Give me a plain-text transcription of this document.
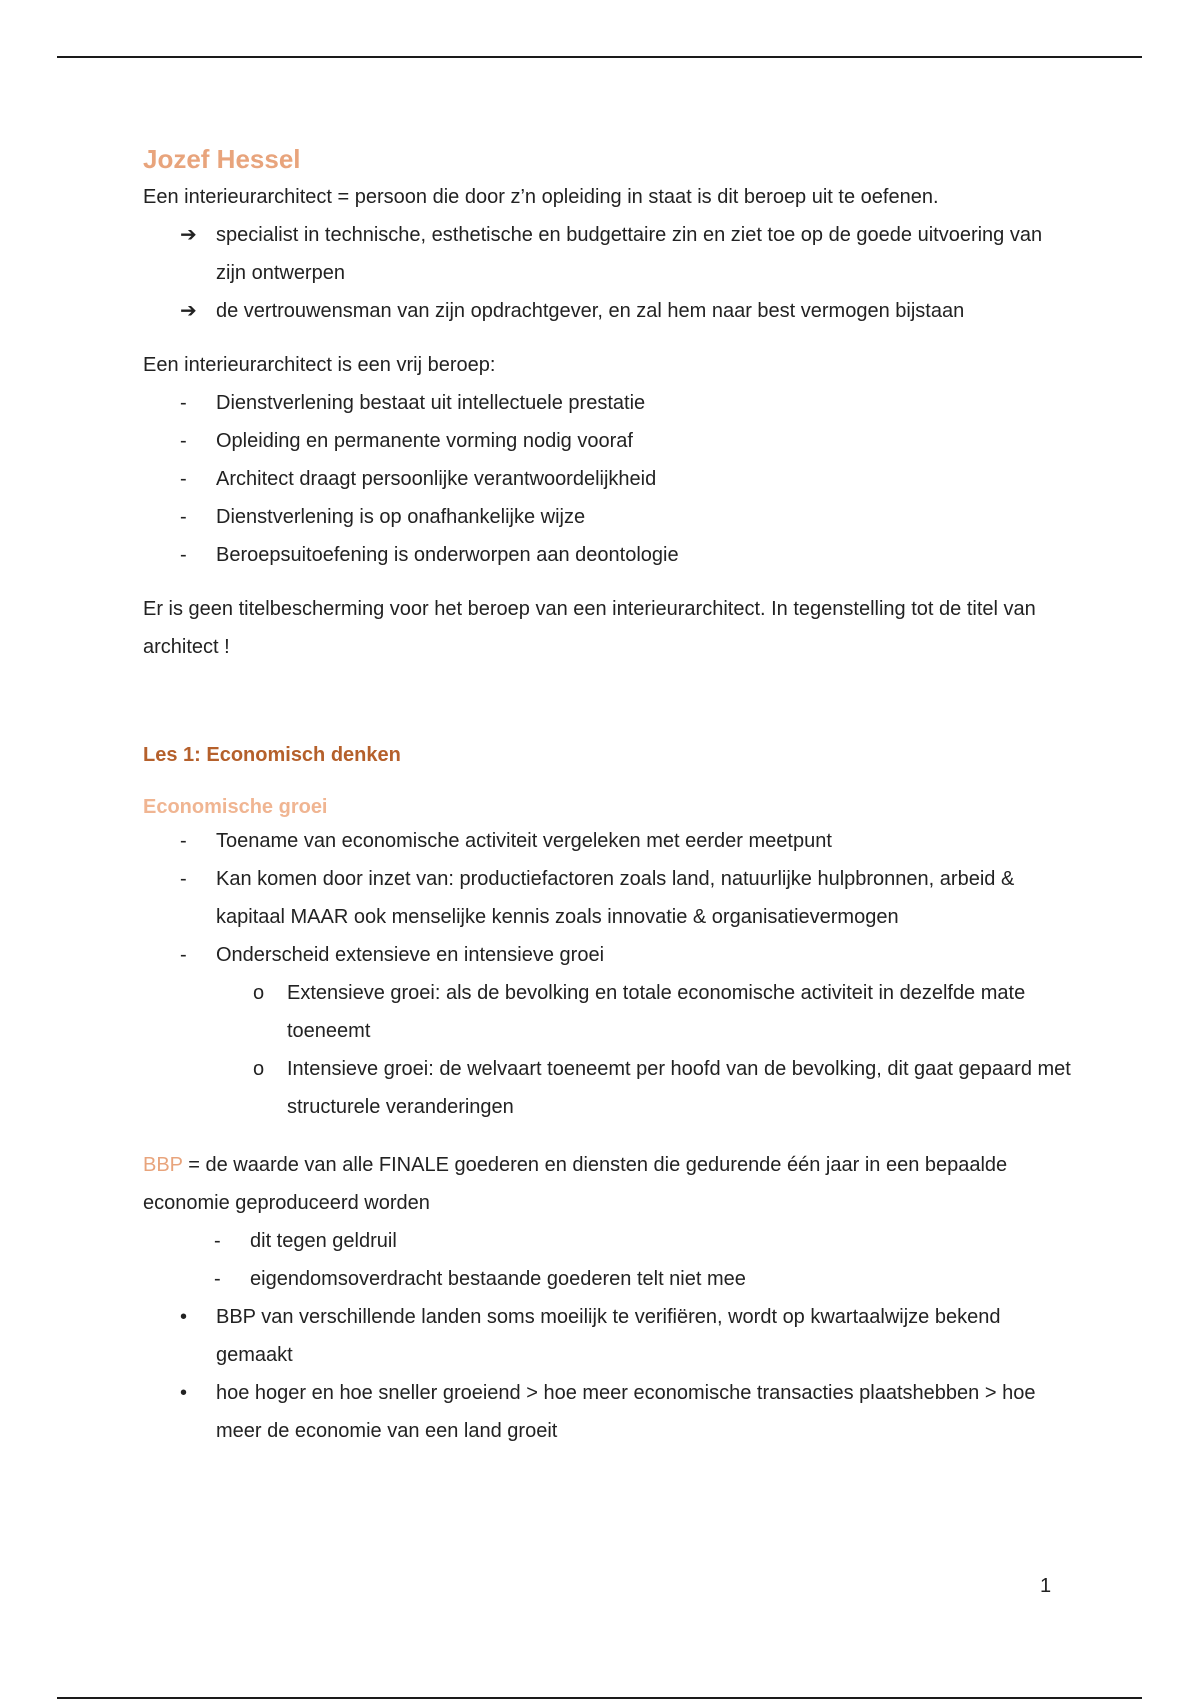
Jozef Hessel

Een interieurarchitect = persoon die door z’n opleiding in staat is dit beroep uit te oefenen.

➔ specialist in technische, esthetische en budgettaire zin en ziet toe op de goede uitvoering van zijn ontwerpen
➔ de vertrouwensman van zijn opdrachtgever, en zal hem naar best vermogen bijstaan

Een interieurarchitect is een vrij beroep:

- Dienstverlening bestaat uit intellectuele prestatie
- Opleiding en permanente vorming nodig vooraf
- Architect draagt persoonlijke verantwoordelijkheid
- Dienstverlening is op onafhankelijke wijze
- Beroepsuitoefening is onderworpen aan deontologie

Er is geen titelbescherming voor het beroep van een interieurarchitect. In tegenstelling tot de titel van architect !

Les 1: Economisch denken
Economische groei
- Toename van economische activiteit vergeleken met eerder meetpunt
- Kan komen door inzet van: productiefactoren zoals land, natuurlijke hulpbronnen, arbeid & kapitaal MAAR ook menselijke kennis zoals innovatie & organisatievermogen
- Onderscheid extensieve en intensieve groei
o Extensieve groei: als de bevolking en totale economische activiteit in dezelfde mate toeneemt
o Intensieve groei: de welvaart toeneemt per hoofd van de bevolking, dit gaat gepaard met structurele veranderingen

BBP = de waarde van alle FINALE goederen en diensten die gedurende één jaar in een bepaalde economie geproduceerd worden

- dit tegen geldruil
- eigendomsoverdracht bestaande goederen telt niet mee
• BBP van verschillende landen soms moeilijk te verifiëren, wordt op kwartaalwijze bekend gemaakt
• hoe hoger en hoe sneller groeiend > hoe meer economische transacties plaatshebben > hoe meer de economie van een land groeit
1
